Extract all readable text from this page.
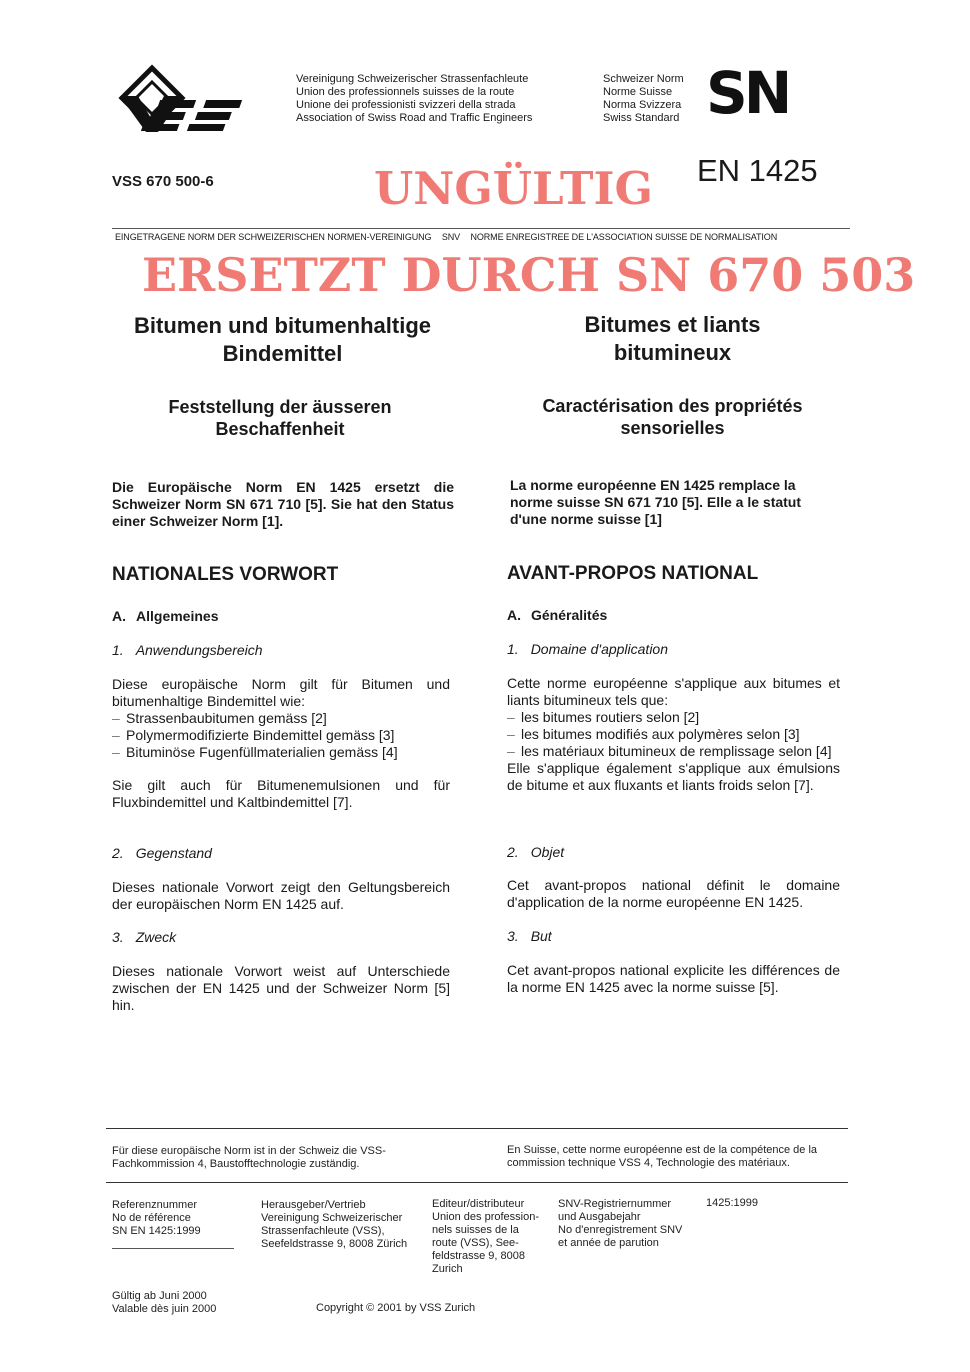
Vereinigung Schweizerischer Strassenfachleute
Union des professionnels suisses de la route
Unione dei professionisti svizzeri della strada
Association of Swiss Road and Traffic Engineers
Schweizer Norm
Norme Suisse
Norma Svizzera
Swiss Standard SN
VSS 670 500-6	UNGÜLTIG EN 1425
EINGETRAGENE NORM DER SCHWEIZERISCHEN NORMEN-VEREINIGUNG SNV NORME ENREGISTREE DE L'ASSOCIATION SUISSE DE NORMALISATION
ERSETZT DURCH SN 670 503
Bitumen und bitumenhaltige
Bindemittel
Bitumes et liants
bitumineux
Feststellung der äusseren
Beschaffenheit
Caractérisation des propriétés
sensorielles
Die Europäische Norm EN 1425 ersetzt die Schweizer Norm SN 671 710 [5]. Sie hat den Status einer Schweizer Norm [1].
La norme européenne EN 1425 remplace la norme suisse SN 671 710 [5]. Elle a le statut d'une norme suisse [1]
NATIONALES VORWORT	AVANT-PROPOS NATIONAL
A. Allgemeines	A. Généralités
1. Anwendungsbereich
Diese europäische Norm gilt für Bitumen und bitumenhaltige Bindemittel wie:
– Strassenbaubitumen gemäss [2]
– Polymermodifizierte Bindemittel gemäss [3]
– Bituminöse Fugenfüllmaterialien gemäss [4]
Sie gilt auch für Bitumenemulsionen und für Fluxbindemittel und Kaltbindemittel [7].
2. Gegenstand
Dieses nationale Vorwort zeigt den Geltungsbereich der europäischen Norm EN 1425 auf.
3. Zweck
Dieses nationale Vorwort weist auf Unterschiede zwischen der EN 1425 und der Schweizer Norm [5] hin.
1. Domaine d'application
Cette norme européenne s'applique aux bitumes et liants bitumineux tels que:
– les bitumes routiers selon [2]
– les bitumes modifiés aux polymères selon [3]
– les matériaux bitumineux de remplissage selon [4]
Elle s'applique également s'applique aux émulsions de bitume et aux fluxants et liants froids selon [7].
2. Objet
Cet avant-propos national définit le domaine d'application de la norme européenne EN 1425.
3. But
Cet avant-propos national explicite les différences de la norme EN 1425 avec la norme suisse [5].
Für diese europäische Norm ist in der Schweiz die VSS-Fachkommission 4, Baustofftechnologie zuständig.
En Suisse, cette norme européenne est de la compétence de la commission technique VSS 4, Technologie des matériaux.
Referenznummer
No de référence
SN EN 1425:1999
Herausgeber/Vertrieb
Vereinigung Schweizerischer
Strassenfachleute (VSS),
Seefeldstrasse 9, 8008 Zürich
Editeur/distributeur
Union des profession-
nels suisses de la
route (VSS), See-
feldstrasse 9, 8008
Zurich
SNV-Registriernummer
und Ausgabejahr
No d'enregistrement SNV
et année de parution
1425:1999
Gültig ab Juni 2000
Valable dès juin 2000	Copyright © 2001 by VSS Zurich
